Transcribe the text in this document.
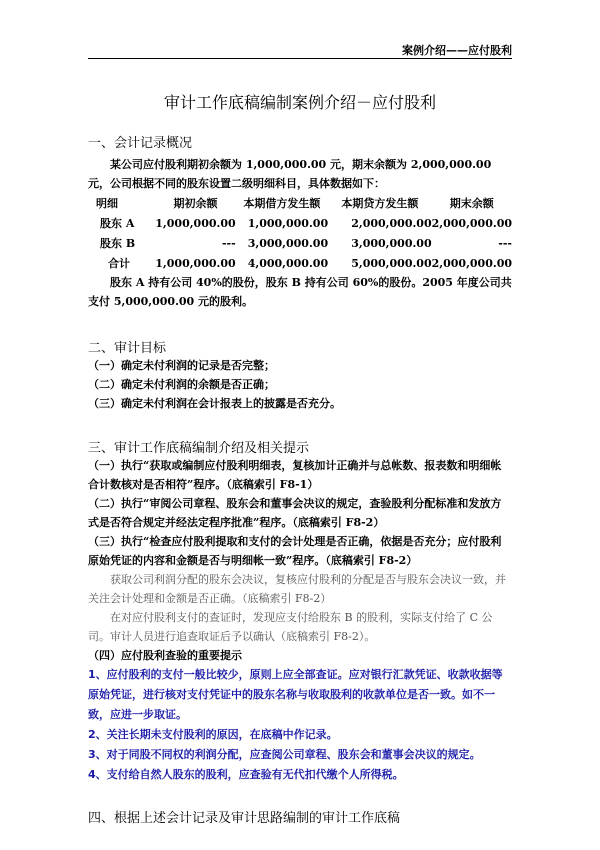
案例介绍——应付股利
审计工作底稿编制案例介绍－应付股利

一、会计记录概况

某公司应付股利期初余额为 1,000,000.00 元，期末余额为 2,000,000.00 元，公司根据不同的股东设置二级明细科目，具体数据如下：

明细	期初余额	本期借方发生额	本期贷方发生额	期末余额
股东 A	1,000,000.00	1,000,000.00	2,000,000.00	2,000,000.00
股东 B	---	3,000,000.00	3,000,000.00	---
合计	1,000,000.00	4,000,000.00	5,000,000.00	2,000,000.00

股东 A 持有公司 40%的股份，股东 B 持有公司 60%的股份。2005 年度公司共支付 5,000,000.00 元的股利。

二、审计目标

（一）确定未付利润的记录是否完整；

（二）确定未付利润的余额是否正确；

（三）确定未付利润在会计报表上的披露是否充分。

三、审计工作底稿编制介绍及相关提示

（一）执行“获取或编制应付股利明细表，复核加计正确并与总帐数、报表数和明细帐合计数核对是否相符”程序。（底稿索引 F8-1）

（二）执行“审阅公司章程、股东会和董事会决议的规定，查验股利分配标准和发放方式是否符合规定并经法定程序批准”程序。（底稿索引 F8-2）

（三）执行“检查应付股利提取和支付的会计处理是否正确，依据是否充分；应付股利原始凭证的内容和金额是否与明细帐一致”程序。（底稿索引 F8-2）

获取公司利润分配的股东会决议，复核应付股利的分配是否与股东会决议一致，并关注会计处理和金额是否正确。（底稿索引 F8-2）

在对应付股利支付的查证时，发现应支付给股东 B 的股利，实际支付给了 C 公司。审计人员进行追查取证后予以确认（底稿索引 F8-2）。

（四）应付股利查验的重要提示

1、应付股利的支付一般比较少，原则上应全部查证。应对银行汇款凭证、收款收据等原始凭证，进行核对支付凭证中的股东名称与收取股利的收款单位是否一致。如不一致，应进一步取证。

2、关注长期未支付股利的原因，在底稿中作记录。

3、对于同股不同权的利润分配，应查阅公司章程、股东会和董事会决议的规定。

4、支付给自然人股东的股利，应查验有无代扣代缴个人所得税。

四、根据上述会计记录及审计思路编制的审计工作底稿
